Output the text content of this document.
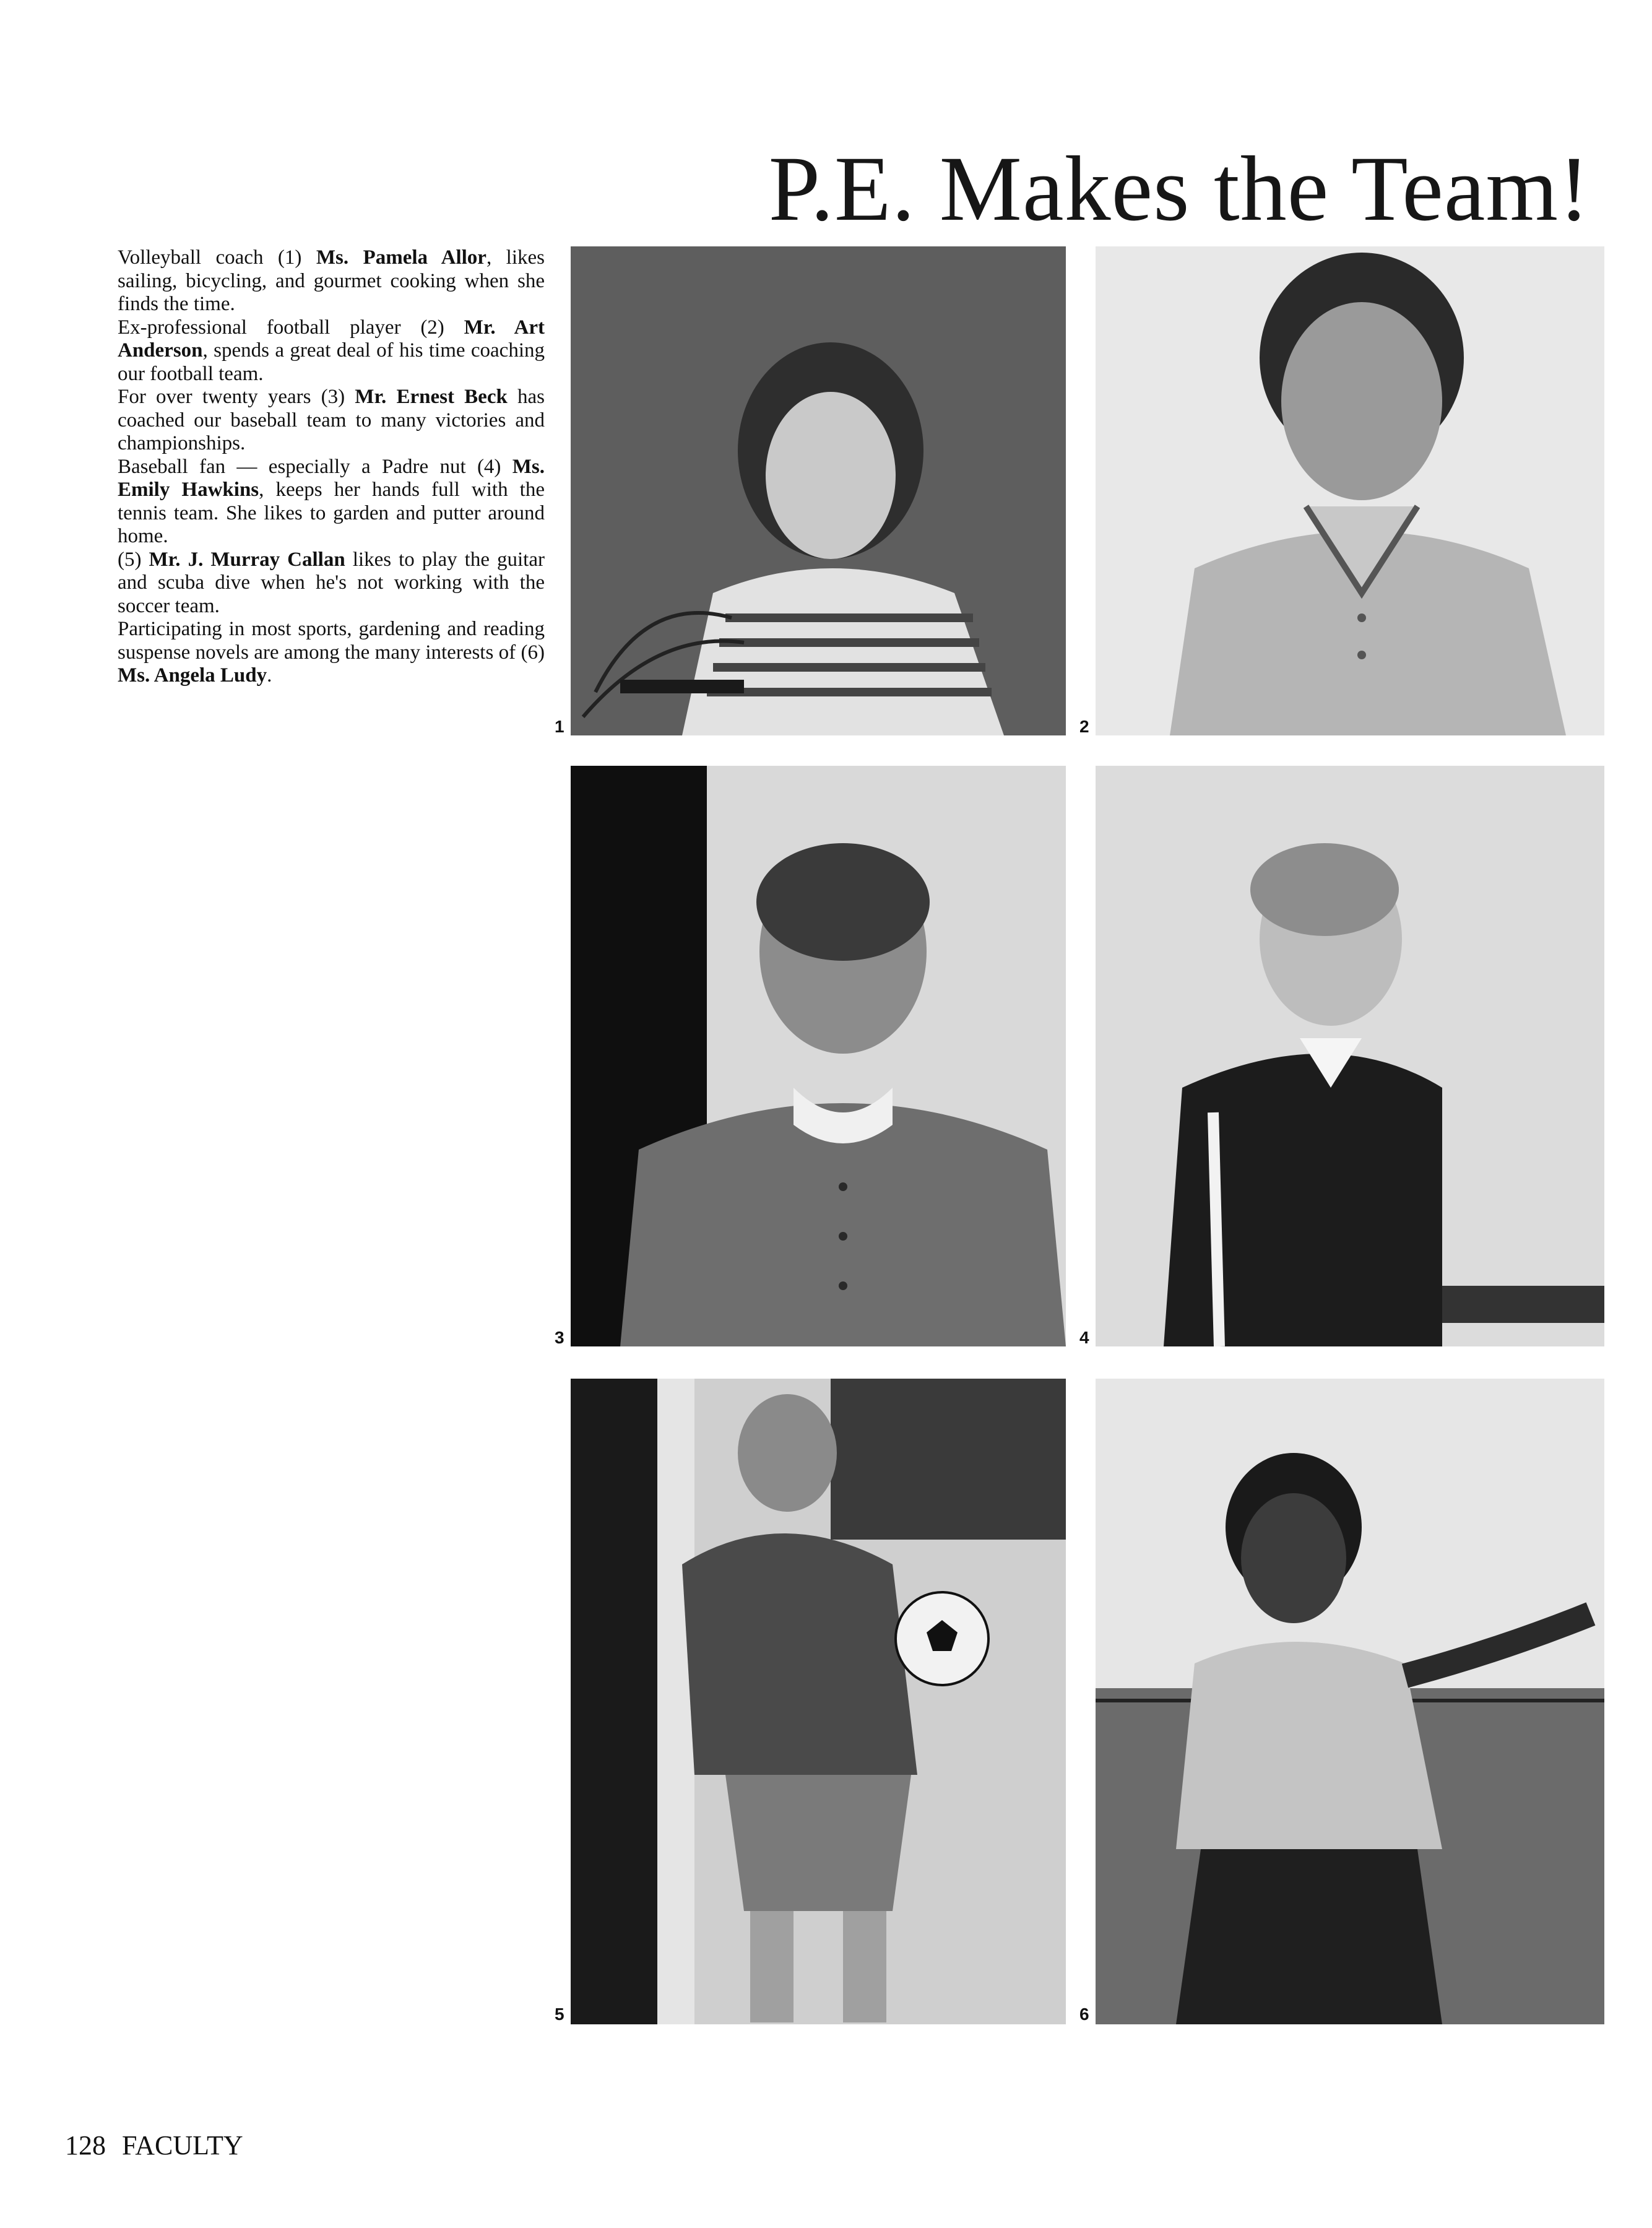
P.E. Makes the Team!

Volleyball coach (1) Ms. Pamela Allor, likes sailing, bicycling, and gourmet cooking when she finds the time.

Ex-professional football player (2) Mr. Art Anderson, spends a great deal of his time coaching our football team.

For over twenty years (3) Mr. Ernest Beck has coached our baseball team to many victories and championships.

Baseball fan — especially a Padre nut (4) Ms. Emily Hawkins, keeps her hands full with the tennis team. She likes to garden and putter around home.

(5) Mr. J. Murray Callan likes to play the guitar and scuba dive when he's not working with the soccer team.

Participating in most sports, gardening and reading suspense novels are among the many interests of (6) Ms. Angela Ludy.

1	2
3	4
5	6
128 FACULTY
